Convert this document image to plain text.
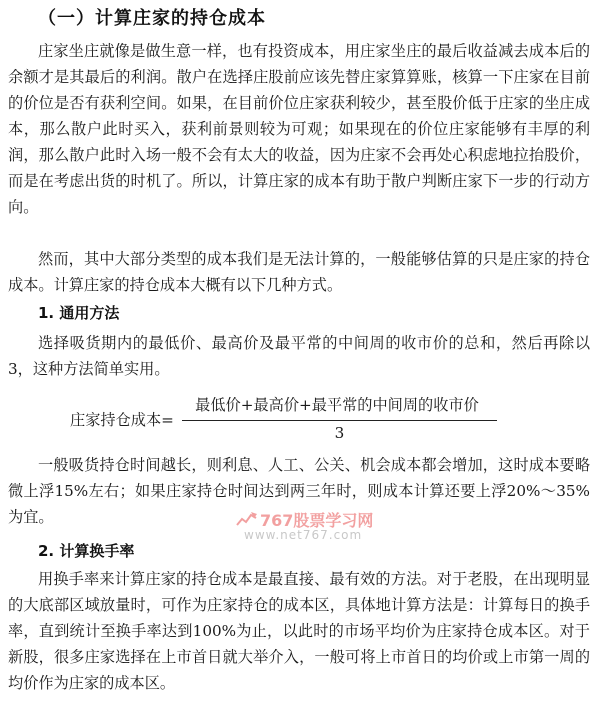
（一）计算庄家的持仓成本

庄家坐庄就像是做生意一样，也有投资成本，用庄家坐庄的最后收益减去成本后的余额才是其最后的利润。散户在选择庄股前应该先替庄家算算账，核算一下庄家在目前的价位是否有获利空间。如果，在目前价位庄家获利较少，甚至股价低于庄家的坐庄成本，那么散户此时买入，获利前景则较为可观；如果现在的价位庄家能够有丰厚的利润，那么散户此时入场一般不会有太大的收益，因为庄家不会再处心积虑地拉抬股价，而是在考虑出货的时机了。所以，计算庄家的成本有助于散户判断庄家下一步的行动方向。

然而，其中大部分类型的成本我们是无法计算的，一般能够估算的只是庄家的持仓成本。计算庄家的持仓成本大概有以下几种方式。

1. 通用方法

选择吸货期内的最低价、最高价及最平常的中间周的收市价的总和，然后再除以3，这种方法简单实用。

庄家持仓成本=
最低价+最高价+最平常的中间周的收市价
3

一般吸货持仓时间越长，则利息、人工、公关、机会成本都会增加，这时成本要略微上浮15%左右；如果庄家持仓时间达到两三年时，则成本计算还要上浮20%～35%为宜。

2. 计算换手率

用换手率来计算庄家的持仓成本是最直接、最有效的方法。对于老股，在出现明显的大底部区域放量时，可作为庄家持仓的成本区，具体地计算方法是：计算每日的换手率，直到统计至换手率达到100%为止，以此时的市场平均价为庄家持仓成本区。对于新股，很多庄家选择在上市首日就大举介入，一般可将上市首日的均价或上市第一周的均价作为庄家的成本区。

767股票学习网
www.net767.com
